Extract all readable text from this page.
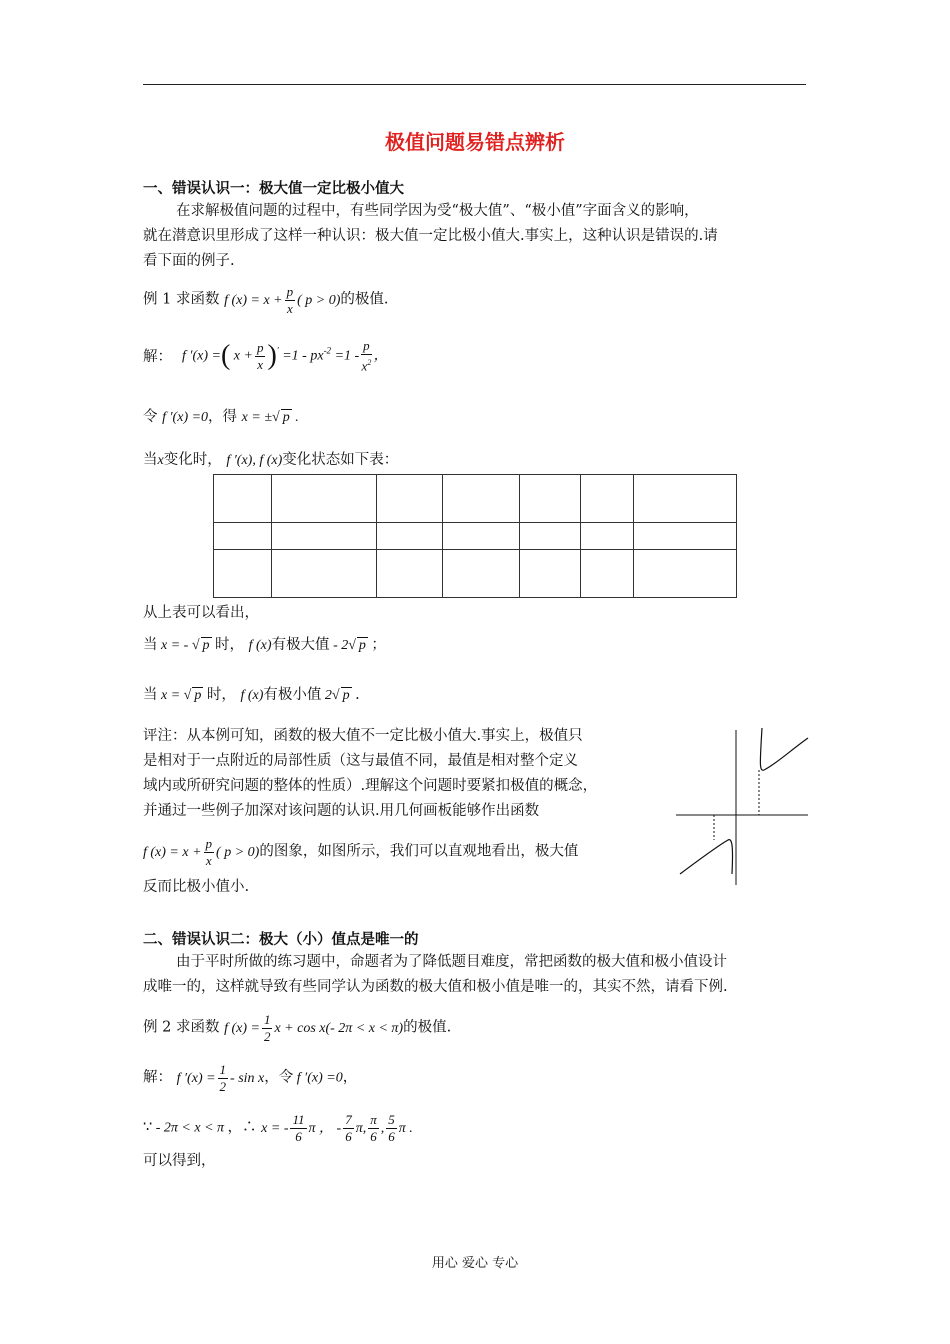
极值问题易错点辨析
一、错误认识一：极大值一定比极小值大
在求解极值问题的过程中，有些同学因为受“极大值”、“极小值”字面含义的影响，
就在潜意识里形成了这样一种认识：极大值一定比极小值大.事实上，这种认识是错误的.请
看下面的例子.
例 1 求函数 f $(x) = x + \frac{p}{x}$ ( p > 0)的极值.
解： f ′(x) =( $x + \frac{p}{x} )' =1 - px^{-2} =1 - \frac{p}{x^2}$ ，
令 f ′(x) =0，得 x = ±√ p .
当x变化时， f ′(x), f (x)变化状态如下表：

从上表可以看出，
当 x = - √ p 时， f (x)有极大值 - 2√ p ；
当 x = √ p 时， f (x)有极小值 2√ p .
评注：从本例可知，函数的极大值不一定比极小值大.事实上，极值只
是相对于一点附近的局部性质（这与最值不同，最值是相对整个定义
域内或所研究问题的整体的性质）.理解这个问题时要紧扣极值的概念，
并通过一些例子加深对该问题的认识.用几何画板能够作出函数
f $(x) = x + \frac{p}{x}$ ( p > 0)的图象，如图所示，我们可以直观地看出，极大值
反而比极小值小.
二、错误认识二：极大（小）值点是唯一的
由于平时所做的练习题中，命题者为了降低题目难度，常把函数的极大值和极小值设计
成唯一的，这样就导致有些同学认为函数的极大值和极小值是唯一的，其实不然，请看下例.
例 2 求函数 f $(x) = \frac{1}{2}$ x + cos x(- 2π < x < π)的极值.
解： f $'(x) = \frac{1}{2} - \sin x$，令 f ′(x) =0，
∵ - 2π < x < π ，∴ x = - $\frac{11}{6}$ π ， - $\frac{7}{6} \pi$, $\frac{\pi}{6}$ , $\frac{5}{6}$ π .
可以得到，
用心 爱心 专心
